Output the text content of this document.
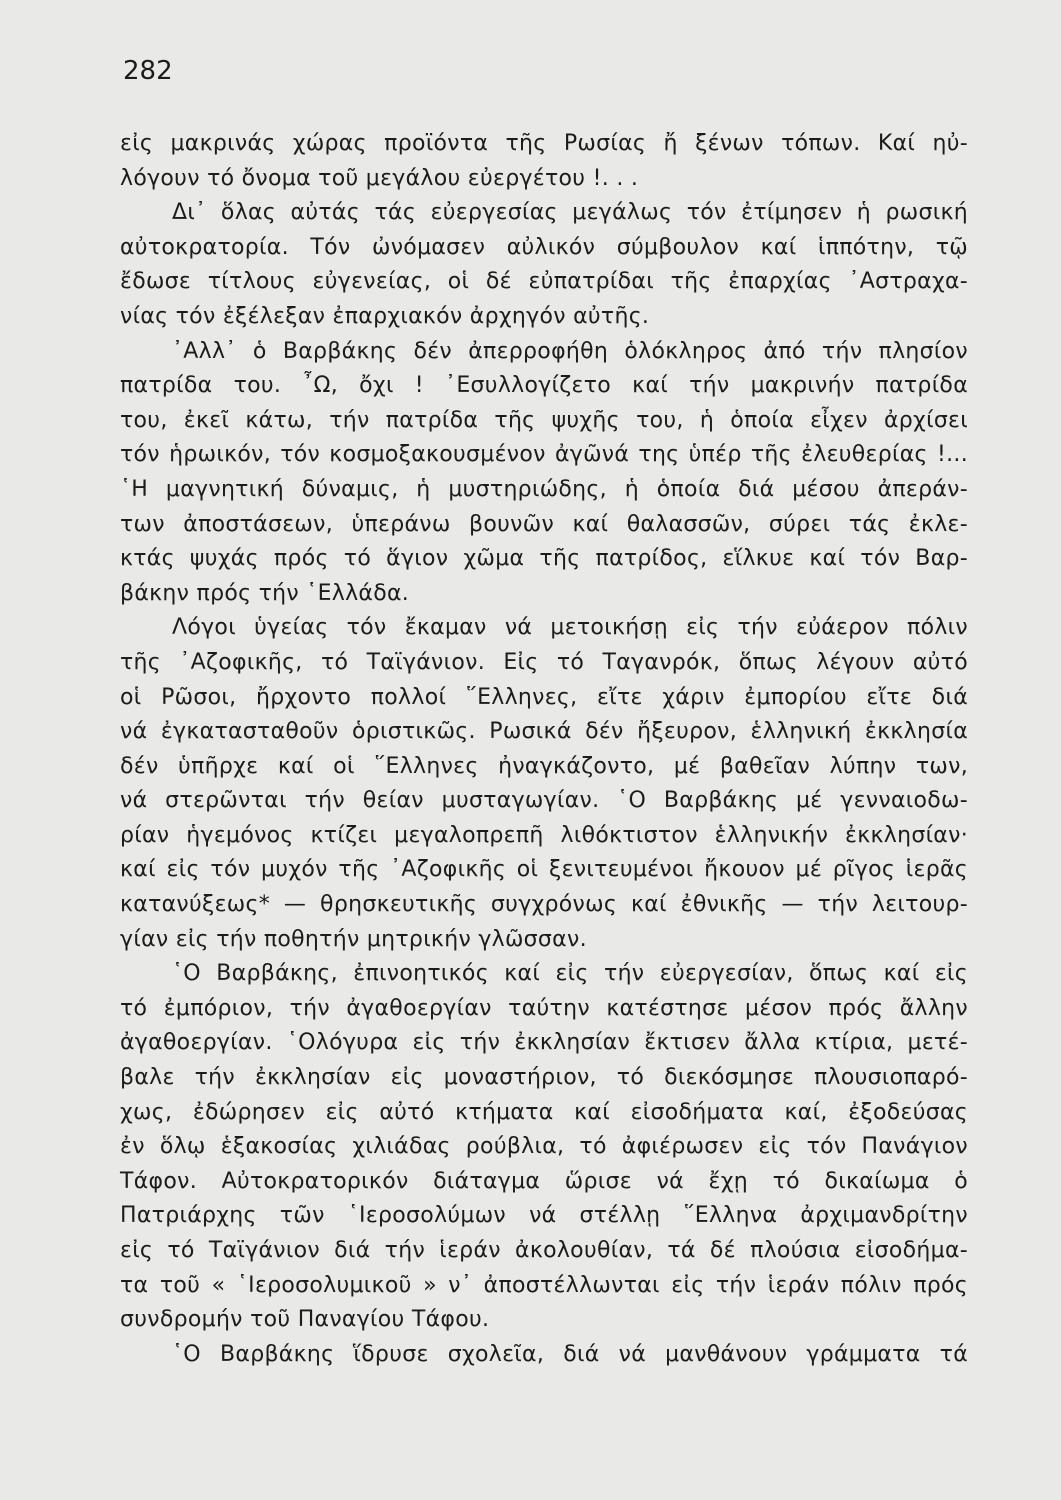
282
εἰς μακρινάς χώρας προϊόντα τῆς Ρωσίας ἤ ξένων τόπων. Καί ηὐ-
λόγουν τό ὄνομα τοῦ μεγάλου εὐεργέτου !. . .
Δι᾿ ὅλας αὐτάς τάς εὐεργεσίας μεγάλως τόν ἐτίμησεν ἡ ρωσική
αὐτοκρατορία. Τόν ὠνόμασεν αὐλικόν σύμβουλον καί ἱππότην, τῷ
ἔδωσε τίτλους εὐγενείας, οἱ δέ εὐπατρίδαι τῆς ἐπαρχίας ᾿Αστραχα-
νίας τόν ἐξέλεξαν ἐπαρχιακόν ἀρχηγόν αὐτῆς.
᾿Αλλ᾿ ὁ Βαρβάκης δέν ἀπερροφήθη ὁλόκληρος ἀπό τήν πλησίον
πατρίδα του. ῏Ω, ὄχι ! ᾿Εσυλλογίζετο καί τήν μακρινήν πατρίδα
του, ἐκεῖ κάτω, τήν πατρίδα τῆς ψυχῆς του, ἡ ὁποία εἶχεν ἀρχίσει
τόν ἡρωικόν, τόν κοσμοξακουσμένον ἀγῶνά της ὑπέρ τῆς ἐλευθερίας !...
῾Η μαγνητική δύναμις, ἡ μυστηριώδης, ἡ ὁποία διά μέσου ἀπεράν-
των ἀποστάσεων, ὑπεράνω βουνῶν καί θαλασσῶν, σύρει τάς ἐκλε-
κτάς ψυχάς πρός τό ἅγιον χῶμα τῆς πατρίδος, εἵλκυε καί τόν Βαρ-
βάκην πρός τήν ῾Ελλάδα.
Λόγοι ὑγείας τόν ἔκαμαν νά μετοικήσῃ εἰς τήν εὐάερον πόλιν
τῆς ᾿Αζοφικῆς, τό Ταϊγάνιον. Εἰς τό Ταγανρόκ, ὅπως λέγουν αὐτό
οἱ Ρῶσοι, ἤρχοντο πολλοί ῞Ελληνες, εἴτε χάριν ἐμπορίου εἴτε διά
νά ἐγκατασταθοῦν ὁριστικῶς. Ρωσικά δέν ἤξευρον, ἑλληνική ἐκκλησία
δέν ὑπῆρχε καί οἱ ῞Ελληνες ἠναγκάζοντο, μέ βαθεῖαν λύπην των,
νά στερῶνται τήν θείαν μυσταγωγίαν. ῾Ο Βαρβάκης μέ γενναιοδω-
ρίαν ἡγεμόνος κτίζει μεγαλοπρεπῆ λιθόκτιστον ἑλληνικήν ἐκκλησίαν·
καί εἰς τόν μυχόν τῆς ᾿Αζοφικῆς οἱ ξενιτευμένοι ἤκουον μέ ρῖγος ἱερᾶς
κατανύξεως* — θρησκευτικῆς συγχρόνως καί ἐθνικῆς — τήν λειτουρ-
γίαν εἰς τήν ποθητήν μητρικήν γλῶσσαν.
῾Ο Βαρβάκης, ἐπινοητικός καί εἰς τήν εὐεργεσίαν, ὅπως καί εἰς
τό ἐμπόριον, τήν ἀγαθοεργίαν ταύτην κατέστησε μέσον πρός ἄλλην
ἀγαθοεργίαν. ῾Ολόγυρα εἰς τήν ἐκκλησίαν ἔκτισεν ἄλλα κτίρια, μετέ-
βαλε τήν ἐκκλησίαν εἰς μοναστήριον, τό διεκόσμησε πλουσιοπαρό-
χως, ἐδώρησεν εἰς αὐτό κτήματα καί εἰσοδήματα καί, ἐξοδεύσας
ἐν ὅλῳ ἑξακοσίας χιλιάδας ρούβλια, τό ἀφιέρωσεν εἰς τόν Πανάγιον
Τάφον. Αὐτοκρατορικόν διάταγμα ὥρισε νά ἔχῃ τό δικαίωμα ὁ
Πατριάρχης τῶν ῾Ιεροσολύμων νά στέλλῃ ῞Ελληνα ἀρχιμανδρίτην
εἰς τό Ταϊγάνιον διά τήν ἱεράν ἀκολουθίαν, τά δέ πλούσια εἰσοδήμα-
τα τοῦ « ῾Ιεροσολυμικοῦ » ν᾿ ἀποστέλλωνται εἰς τήν ἱεράν πόλιν πρός
συνδρομήν τοῦ Παναγίου Τάφου.
῾Ο Βαρβάκης ἵδρυσε σχολεῖα, διά νά μανθάνουν γράμματα τά
